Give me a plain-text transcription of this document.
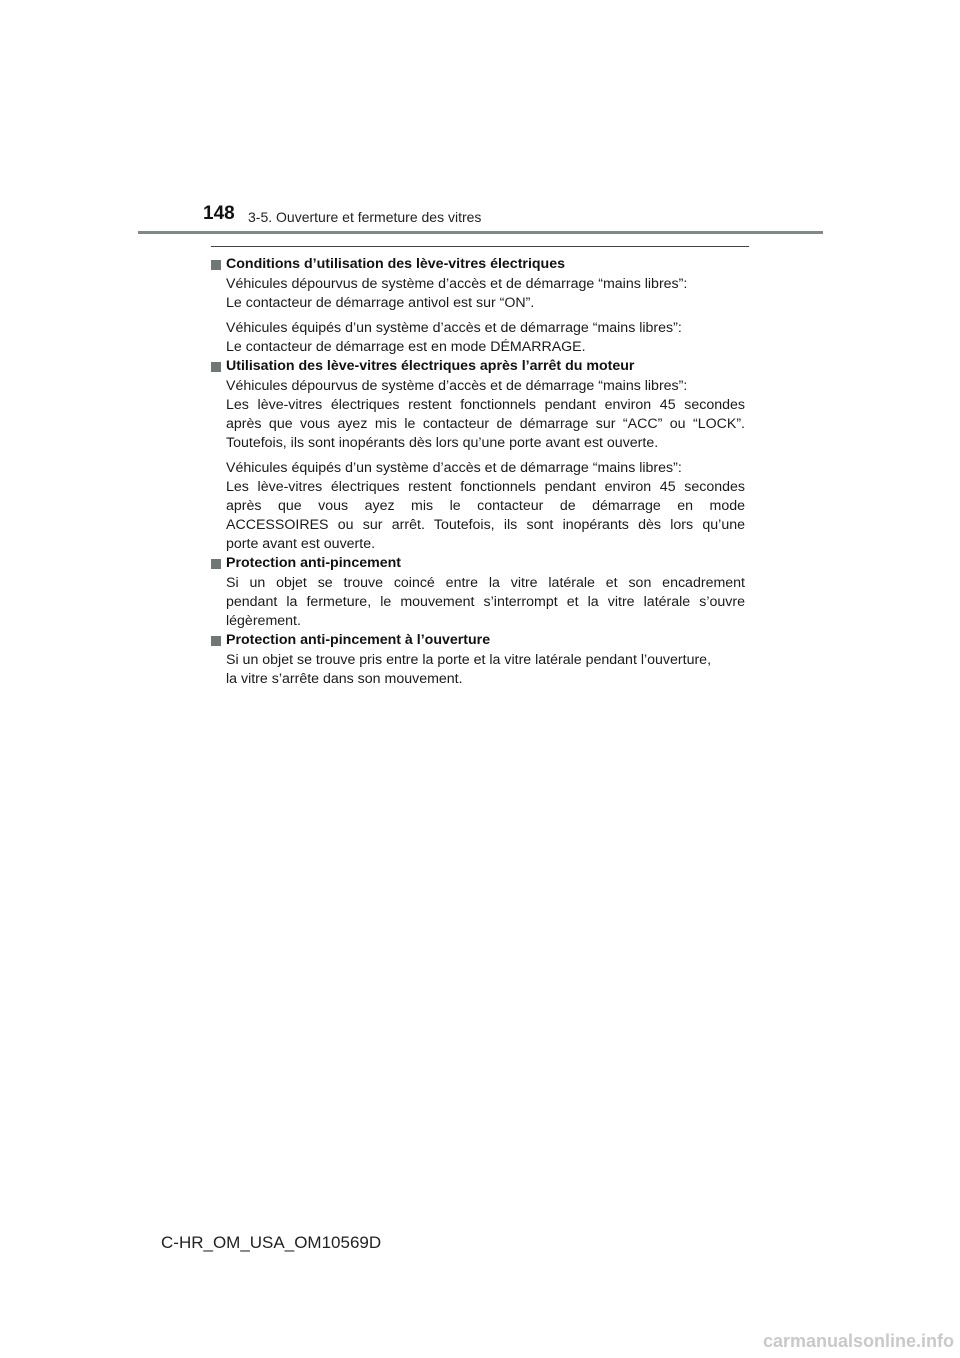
148 3-5. Ouverture et fermeture des vitres
Conditions d’utilisation des lève-vitres électriques
Véhicules dépourvus de système d’accès et de démarrage “mains libres”:
Le contacteur de démarrage antivol est sur “ON”.
Véhicules équipés d’un système d’accès et de démarrage “mains libres”:
Le contacteur de démarrage est en mode DÉMARRAGE.
Utilisation des lève-vitres électriques après l’arrêt du moteur
Véhicules dépourvus de système d’accès et de démarrage “mains libres”:
Les lève-vitres électriques restent fonctionnels pendant environ 45 secondes
après que vous ayez mis le contacteur de démarrage sur “ACC” ou “LOCK”.
Toutefois, ils sont inopérants dès lors qu’une porte avant est ouverte.
Véhicules équipés d’un système d’accès et de démarrage “mains libres”:
Les lève-vitres électriques restent fonctionnels pendant environ 45 secondes
après que vous ayez mis le contacteur de démarrage en mode
ACCESSOIRES ou sur arrêt. Toutefois, ils sont inopérants dès lors qu’une
porte avant est ouverte.
Protection anti-pincement
Si un objet se trouve coincé entre la vitre latérale et son encadrement
pendant la fermeture, le mouvement s’interrompt et la vitre latérale s’ouvre
légèrement.
Protection anti-pincement à l’ouverture
Si un objet se trouve pris entre la porte et la vitre latérale pendant l’ouverture,
la vitre s’arrête dans son mouvement.
C-HR_OM_USA_OM10569D
carmanualsonline.info
